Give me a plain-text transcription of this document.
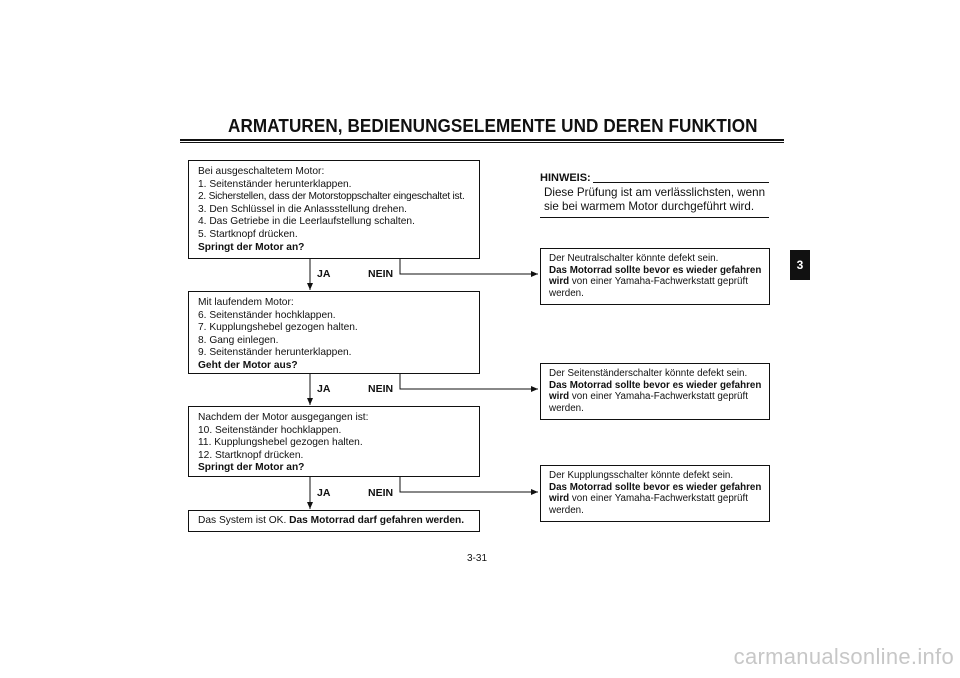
ARMATUREN, BEDIENUNGSELEMENTE UND DEREN FUNKTION
3
HINWEIS:
Diese Prüfung ist am verlässlichsten, wenn
sie bei warmem Motor durchgeführt wird.
JA	NEIN
JA	NEIN
JA	NEIN
Bei ausgeschaltetem Motor:
1. Seitenständer herunterklappen.
2. Sicherstellen, dass der Motorstoppschalter eingeschaltet ist.
3. Den Schlüssel in die Anlassstellung drehen.
4. Das Getriebe in die Leerlaufstellung schalten.
5. Startknopf drücken.
Springt der Motor an?
Mit laufendem Motor:
6. Seitenständer hochklappen.
7. Kupplungshebel gezogen halten.
8. Gang einlegen.
9. Seitenständer herunterklappen.
Geht der Motor aus?
Nachdem der Motor ausgegangen ist:
10. Seitenständer hochklappen.
11. Kupplungshebel gezogen halten.
12. Startknopf drücken.
Springt der Motor an?
Das System ist OK. Das Motorrad darf gefahren werden.
Der Neutralschalter könnte defekt sein.
Das Motorrad sollte bevor es wieder gefahren
wird von einer Yamaha-Fachwerkstatt geprüft
werden.
Der Seitenständerschalter könnte defekt sein.
Das Motorrad sollte bevor es wieder gefahren
wird von einer Yamaha-Fachwerkstatt geprüft
werden.
Der Kupplungsschalter könnte defekt sein.
Das Motorrad sollte bevor es wieder gefahren
wird von einer Yamaha-Fachwerkstatt geprüft
werden.
3-31
carmanualsonline.info
